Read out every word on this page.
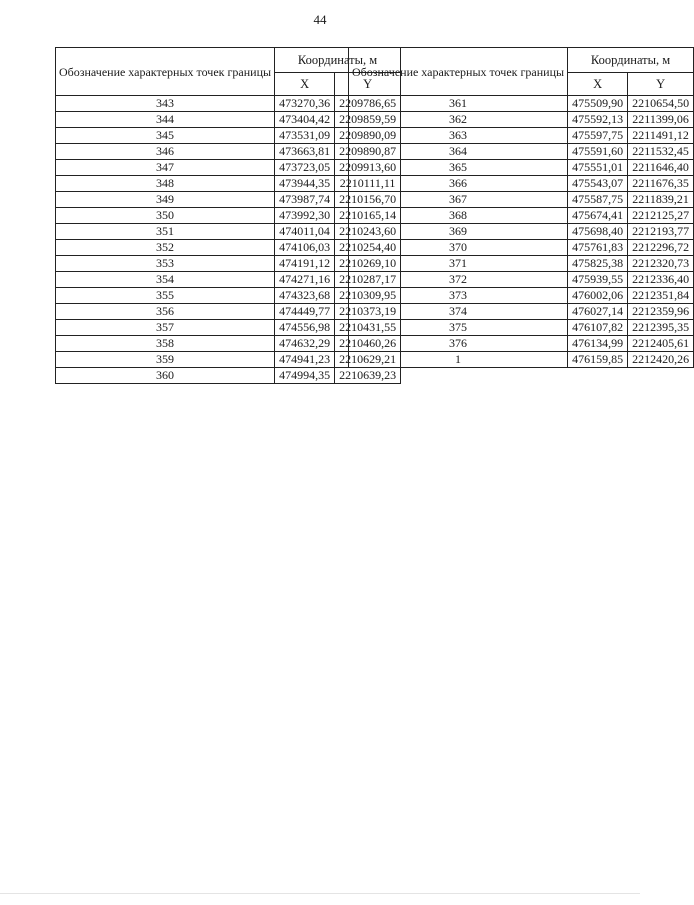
44
Обозначение характерных точек границы	Координаты, м	
	X	Y
343	473270,36	2209786,65
344	473404,42	2209859,59
345	473531,09	2209890,09
346	473663,81	2209890,87
347	473723,05	2209913,60
348	473944,35	2210111,11
349	473987,74	2210156,70
350	473992,30	2210165,14
351	474011,04	2210243,60
352	474106,03	2210254,40
353	474191,12	2210269,10
354	474271,16	2210287,17
355	474323,68	2210309,95
356	474449,77	2210373,19
357	474556,98	2210431,55
358	474632,29	2210460,26
359	474941,23	2210629,21
360	474994,35	2210639,23
Обозначение характерных точек границы	Координаты, м	
	X	Y
361	475509,90	2210654,50
362	475592,13	2211399,06
363	475597,75	2211491,12
364	475591,60	2211532,45
365	475551,01	2211646,40
366	475543,07	2211676,35
367	475587,75	2211839,21
368	475674,41	2212125,27
369	475698,40	2212193,77
370	475761,83	2212296,72
371	475825,38	2212320,73
372	475939,55	2212336,40
373	476002,06	2212351,84
374	476027,14	2212359,96
375	476107,82	2212395,35
376	476134,99	2212405,61
1	476159,85	2212420,26
